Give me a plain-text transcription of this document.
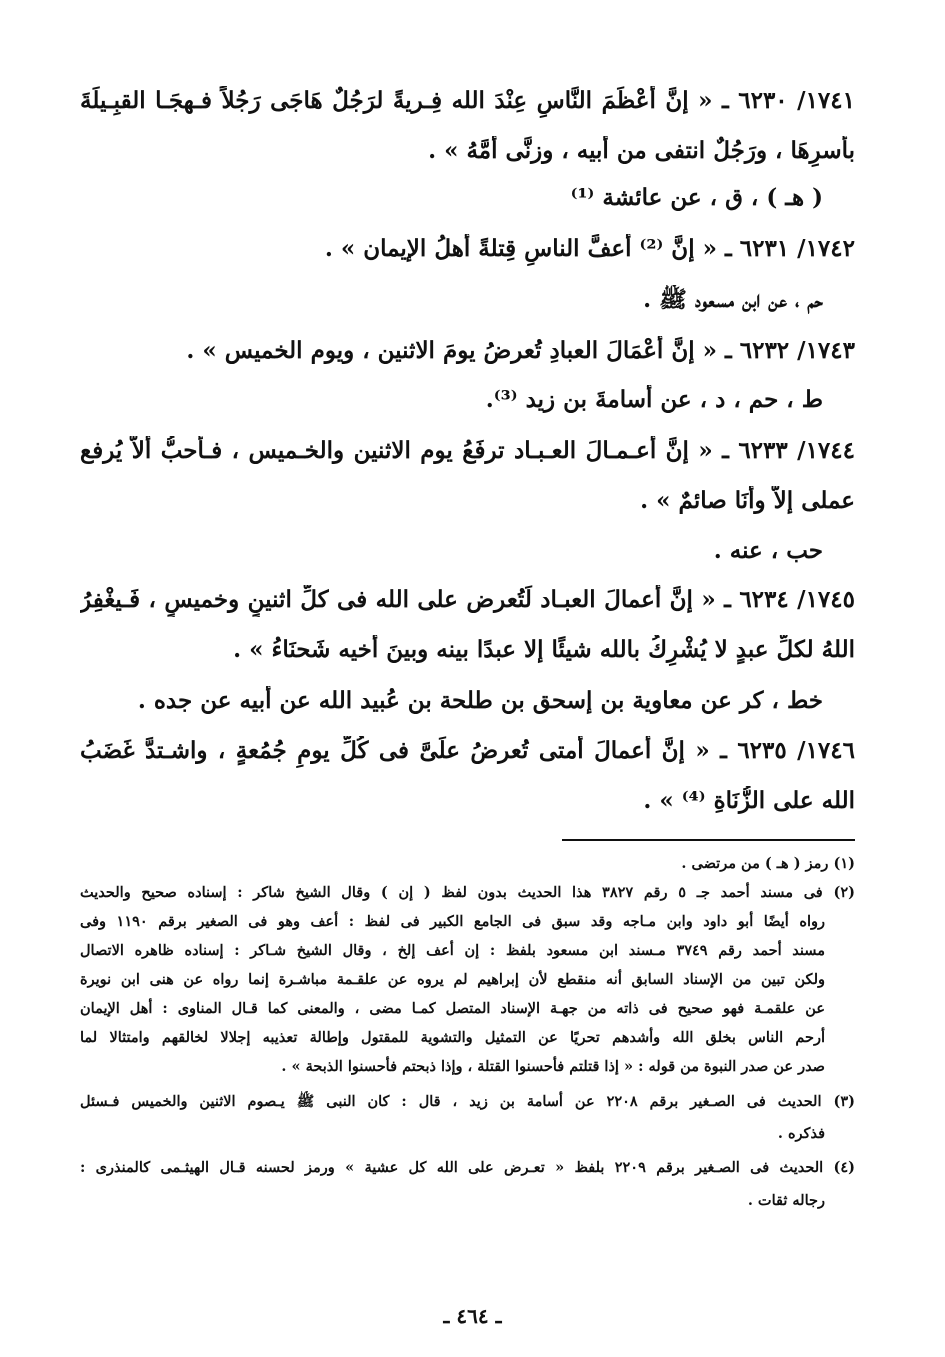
١٧٤١/ ٦٢٣٠ ـ « إنَّ أعْظَمَ النَّاسِ عِنْدَ الله فِـريةً لرَجُلٌ هَاجَى رَجُلاً فـهجَـا القبِـيلَةَ
بأَسرِهَا ، ورَجُلٌ انتفى من أبيه ، وزنَّى أُمَّهُ » .
( هـ ) ، ق ، عن عائشة ⁽¹⁾
١٧٤٢/ ٦٢٣١ ـ « إنَّ ⁽²⁾ أعفَّ الناسِ قِتلةً أهلُ الإيمان » .
حم ، عن ابن مسعود ﷺ .
١٧٤٣/ ٦٢٣٢ ـ « إنَّ أعْمَالَ العبادِ تُعرضُ يومَ الاثنين ، ويوم الخميس » .
ط ، حم ، د ، عن أُسامةَ بن زيد ⁽³⁾.
١٧٤٤/ ٦٢٣٣ ـ « إنَّ أعـمـالَ العـبـاد ترفَعُ يوم الاثنين والخـميس ، فـأُحبُّ ألاَّ يُرفع
عملى إلاَّ وأنَا صائمٌ » .
حب ، عنه .
١٧٤٥/ ٦٢٣٤ ـ « إنَّ أعمالَ العبـاد لَتُعرض على الله فى كلِّ اثنينٍ وخميسٍ ، فَـيغْفِرُ
اللهُ لكلِّ عبدٍ لا يُشْرِكُ بالله شيئًا إلا عبدًا بينه وبينَ أخيه شَحنَاءُ » .
خط ، كر عن معاوية بن إسحق بن طلحة بن عُبيد الله عن أبيه عن جده .
١٧٤٦/ ٦٢٣٥ ـ « إنَّ أعمالَ أُمتى تُعرضُ علَىَّ فى كُلِّ يومِ جُمُعةٍ ، واشـتدَّ غَضَبُ
الله على الزُّنَاةِ ⁽⁴⁾ » .
(١) رمز ( هـ ) من مرتضى .
(٢) فى مسند أحمد جـ ٥ رقم ٣٨٢٧ هذا الحديث بدون لفظ ( إن ) وقال الشيخ شاكر : إسناده صحيح والحديث
رواه أيضًا أبو داود وابن مـاجه وقد سبق فى الجامع الكبير فى لفظ : أعف وهو فى الصغير برقم ١١٩٠ وفى
مسند أحمد رقم ٣٧٤٩ مـسند ابن مسعود بلفظ : إن أعف إلخ ، وقال الشيخ شـاكر : إسناده ظاهره الاتصال
ولكن تبين من الإسناد السابق أنه منقطع لأن إبراهيم لم يروه عن علقـمة مباشـرة إنما رواه عن هنى ابن نويرة
عن علقمـة فهو صحيح فى ذاته من جهـة الإسناد المتصل كمـا مضى ، والمعنى كما قـال المناوى : أهل الإيمان
أرحم الناس بخلق الله وأشدهم تحريًا عن التمثيل والتشوية للمقتول وإطالة تعذيبه إجلالا لخالقهم وامتثالا لما
صدر عن صدر النبوة من قوله : « إذا قتلتم فأحسنوا القتلة ، وإذا ذبحتم فأحسنوا الذبحة » .
(٣) الحديث فى الصـغير برقم ٢٢٠٨ عن أسامة بن زيد ، قال : كان النبى ﷺ يـصوم الاثنين والخميس فـسئل
فذكره .
(٤) الحديث فى الصـغير برقم ٢٢٠٩ بلفظ « تعـرض على الله كل عشية » ورمز لحسنه قـال الهيثـمى كالمنذرى :
رجاله ثقات .
ـ ٤٦٤ ـ
